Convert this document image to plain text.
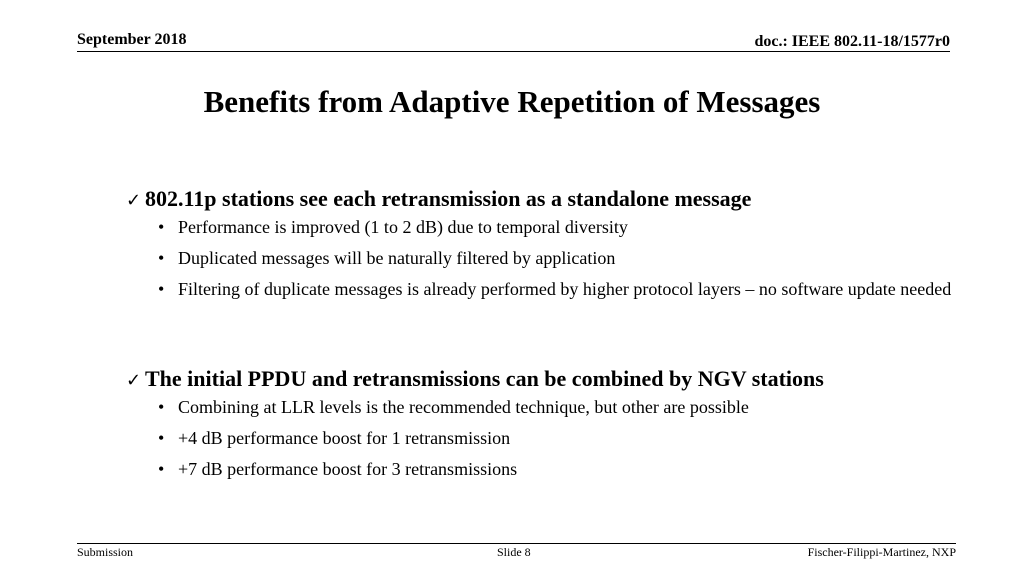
September 2018	doc.: IEEE 802.11-18/1577r0
Benefits from Adaptive Repetition of Messages
✓ 802.11p stations see each retransmission as a standalone message
• Performance is improved (1 to 2 dB) due to temporal diversity
• Duplicated messages will be naturally filtered by application
• Filtering of duplicate messages is already performed by higher protocol layers – no software update needed
✓ The initial PPDU and retransmissions can be combined by NGV stations
• Combining at LLR levels is the recommended technique, but other are possible
• +4 dB performance boost for 1 retransmission
• +7 dB performance boost for 3 retransmissions
Submission	Slide 8	Fischer-Filippi-Martinez, NXP
